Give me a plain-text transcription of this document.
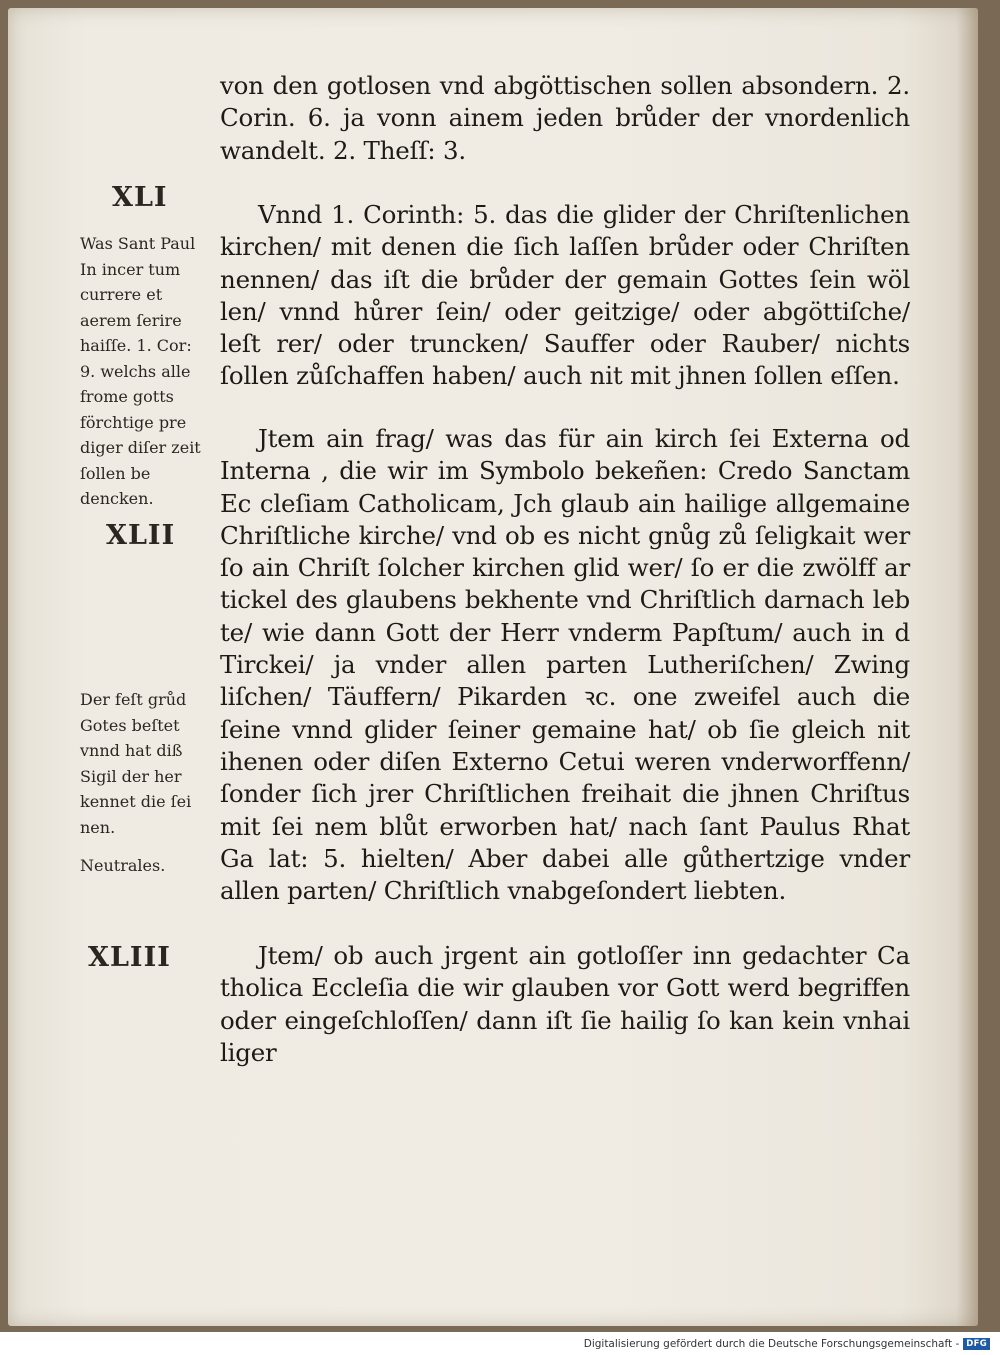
von den gotlosen vnd abgöttischen sollen absondern. 2. Corin. 6. ja vonn ainem jeden brůder der vnordenlich wandelt. 2. Theſſ: 3.

Vnnd 1. Corinth: 5. das die glider der Chriſtenlichen kirchen/ mit denen die ſich laſſen brůder oder Chriſten nennen/ das iſt die brůder der gemain Gottes ſein wöl len/ vnnd hůrer ſein/ oder geitzige/ oder abgöttiſche/ leſt rer/ oder truncken/ Sauffer oder Rauber/ nichts ſollen zůſchaffen haben/ auch nit mit jhnen ſollen eſſen.

Jtem ain frag/ was das für ain kirch ſei Externa od Interna , die wir im Symbolo bekeñen: Credo Sanctam Ec cleſiam Catholicam, Jch glaub ain hailige allgemaine Chriſtliche kirche/ vnd ob es nicht gnůg zů ſeligkait wer ſo ain Chriſt ſolcher kirchen glid wer/ ſo er die zwölff ar tickel des glaubens bekhente vnd Chriſtlich darnach leb te/ wie dann Gott der Herr vnderm Papſtum/ auch in d Tirckei/ ja vnder allen parten Lutheriſchen/ Zwing liſchen/ Täuffern/ Pikarden ꝛc. one zweifel auch die ſeine vnnd glider ſeiner gemaine hat/ ob ſie gleich nit ihenen oder diſen Externo Cetui weren vnderworffenn/ ſonder ſich jrer Chriſtlichen freihait die jhnen Chriſtus mit ſei nem blůt erworben hat/ nach ſant Paulus Rhat Ga lat: 5. hielten/ Aber dabei alle gůthertzige vnder allen parten/ Chriſtlich vnabgeſondert liebten.

Jtem/ ob auch jrgent ain gotloſſer inn gedachter Ca tholica Eccleſia die wir glauben vor Gott werd begriffen oder eingeſchloſſen/ dann iſt ſie hailig ſo kan kein vnhai liger

XLI

Was Sant Paul In incer tum currere et aerem ſerire haiſſe. 1. Cor: 9. welchs alle frome gotts förchtige pre diger diſer zeit ſollen be dencken.

XLII

Der feſt grůd Gotes beſtet vnnd hat diß Sigil der her kennet die ſei nen.

Neutrales.

XLIII
Digitalisierung gefördert durch die Deutsche Forschungsgemeinschaft - DFG
